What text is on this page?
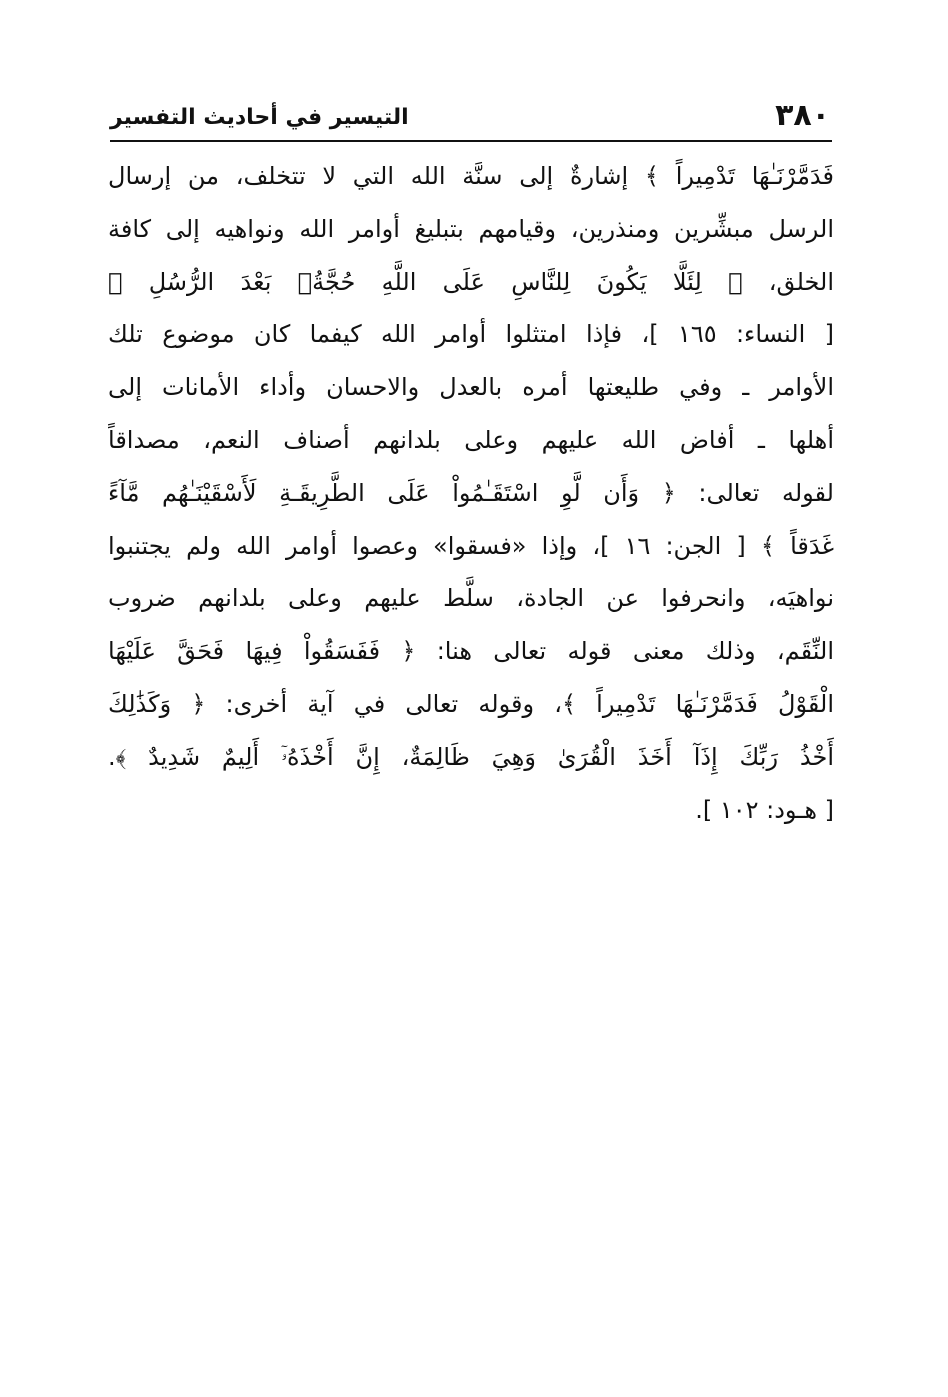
٣٨٠
التيسير في أحاديث التفسير
فَدَمَّرْنَـٰهَا تَدْمِيراً ﴾ إشارةٌ إلى سنَّة الله التي لا تتخلف، من إرسال
الرسل مبشِّرين ومنذرين، وقيامهم بتبليغ أوامر الله ونواهيه إلى كافة
الخلق، ﴿ لِئَلَّا يَكُونَ لِلنَّاسِ عَلَى اللَّهِ حُجَّةُۢ بَعْدَ الرُّسُلِ ﴾
[ النساء: ١٦٥ ]، فإذا امتثلوا أوامر الله كيفما كان موضوع تلك
الأوامر ـ وفي طليعتها أمره بالعدل والاحسان وأداء الأمانات إلى
أهلها ـ أفاض الله عليهم وعلى بلدانهم أصناف النعم، مصداقاً
لقوله تعالى: ﴿ وَأَن لَّوِ اسْتَقَـٰمُواْ عَلَى الطَّرِيقَـةِ لَأَسْقَيْنَـٰهُم مَّآءً
غَدَقاً ﴾ [ الجن: ١٦ ]، وإذا «فسقوا» وعصوا أوامر الله ولم يجتنبوا
نواهيَه، وانحرفوا عن الجادة، سلَّط عليهم وعلى بلدانهم ضروب
النِّقَم، وذلك معنى قوله تعالى هنا: ﴿ فَفَسَقُواْ فِيهَا فَحَقَّ عَلَيْهَا
الْقَوْلُ فَدَمَّرْنَـٰهَا تَدْمِيراً ﴾، وقوله تعالى في آية أخرى: ﴿ وَكَذَٰلِكَ
أَخْذُ رَبِّكَ إِذَآ أَخَذَ الْقُرَىٰ وَهِيَ ظَالِمَةٌ، إِنَّ أَخْذَهُۥٓ أَلِيمٌ شَدِيدٌ ﴾.
[ هـود: ١٠٢ ].
